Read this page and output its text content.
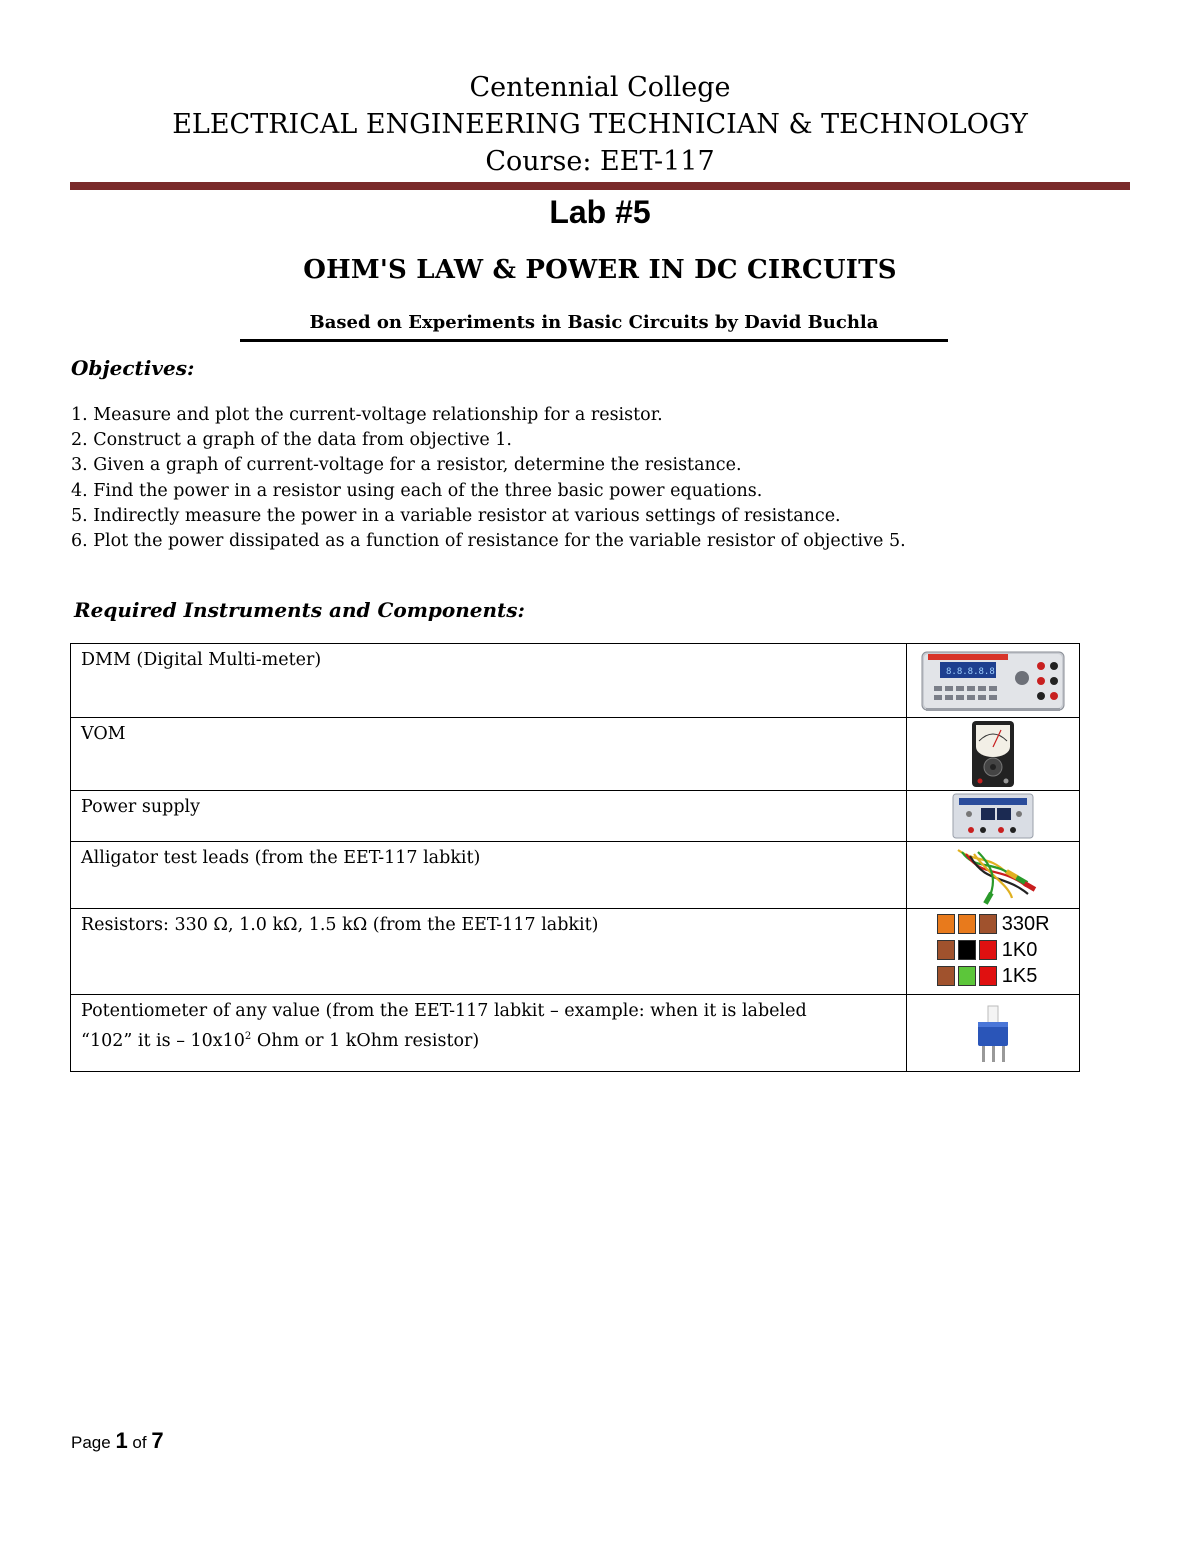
Centennial College
ELECTRICAL ENGINEERING TECHNICIAN & TECHNOLOGY
Course: EET-117
Lab #5
OHM'S LAW & POWER IN DC CIRCUITS
Based on Experiments in Basic Circuits by David Buchla
Objectives:
1. Measure and plot the current-voltage relationship for a resistor.
2. Construct a graph of the data from objective 1.
3. Given a graph of current-voltage for a resistor, determine the resistance.
4. Find the power in a resistor using each of the three basic power equations.
5. Indirectly measure the power in a variable resistor at various settings of resistance.
6. Plot the power dissipated as a function of resistance for the variable resistor of objective 5.
Required Instruments and Components:
DMM (Digital Multi-meter)	8.8.8.8.8

VOM	

Power supply	

Alligator test leads (from the EET-117 labkit)	

Resistors: 330 Ω, 1.0 kΩ, 1.5 kΩ (from the EET-117 labkit)	330R
1K0
1K5

Potentiometer of any value (from the EET-117 labkit – example: when it is labeled
“102” it is – $10x10^2$ Ohm or 1 kOhm resistor)	
Page 1 of 7
